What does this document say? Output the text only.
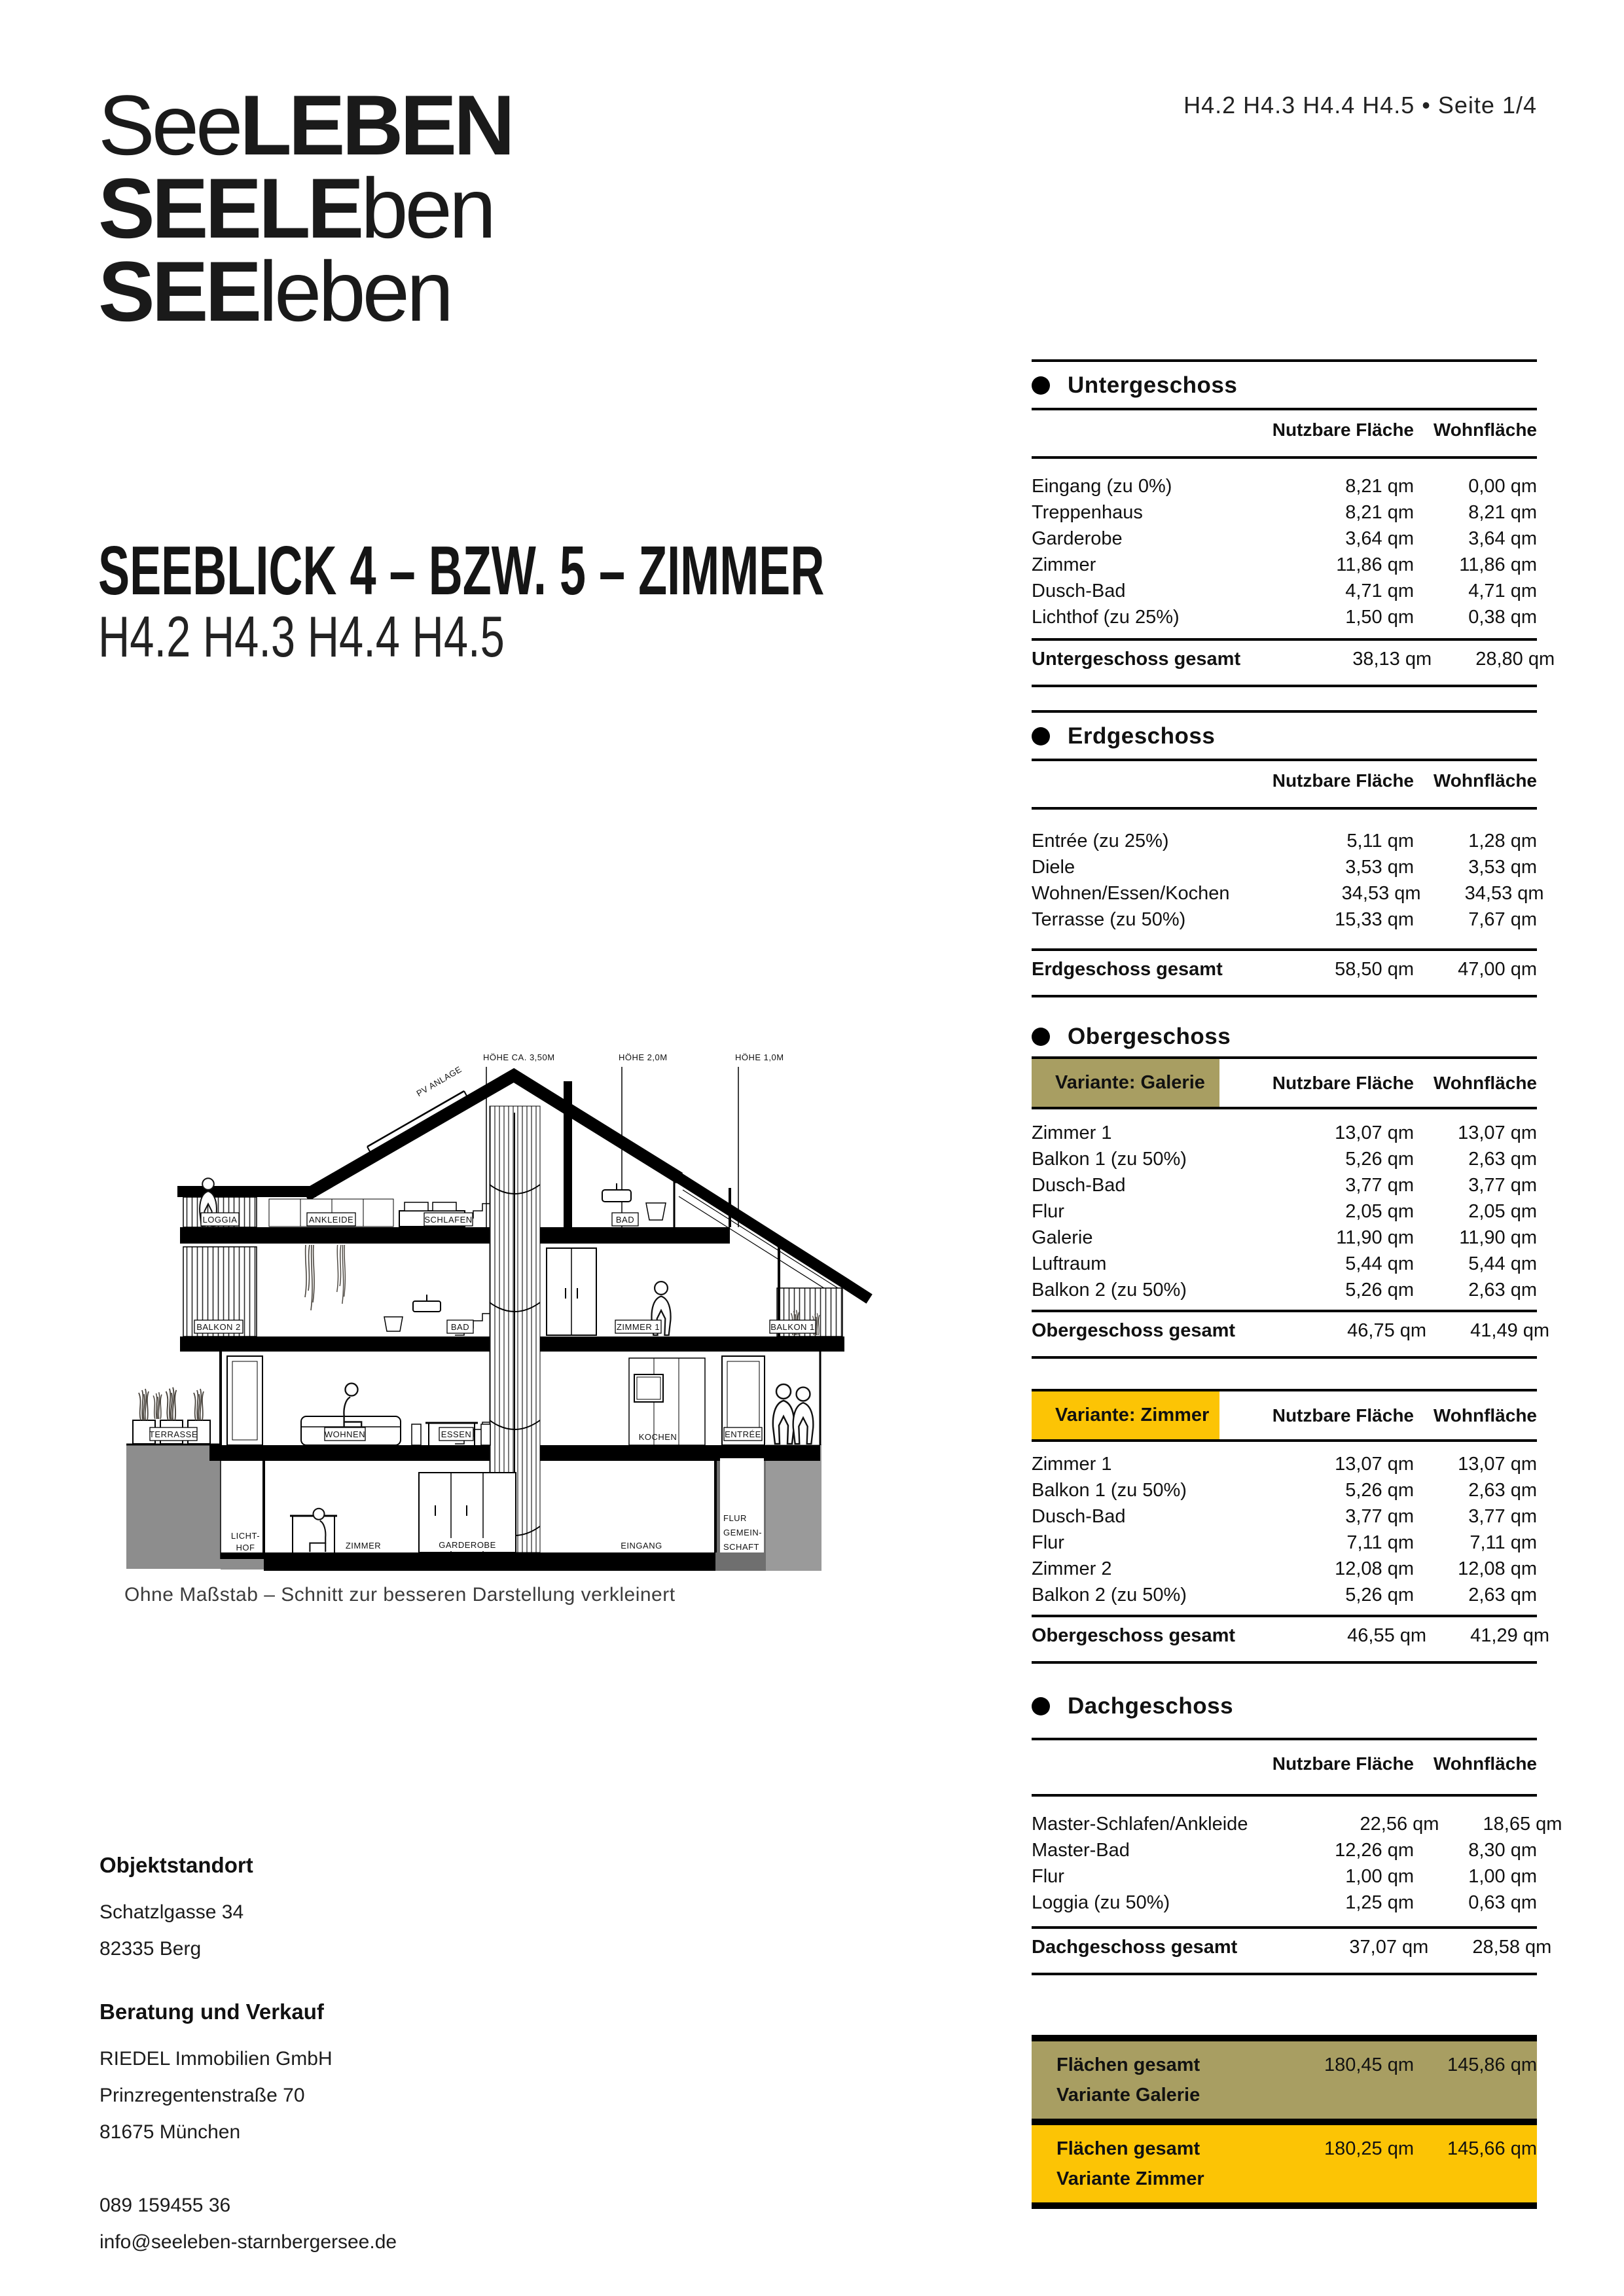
SeeLEBEN
SEELEben
SEEleben
H4.2 H4.3 H4.4 H4.5 • Seite 1/4
SEEBLICK 4 – BZW. 5 – ZIMMER
H4.2 H4.3 H4.4 H4.5
PV ANLAGE
HÖHE CA. 3,50M	HÖHE 2,0M	HÖHE 1,0M
LOGGIA	ANKLEIDE	SCHLAFEN	BAD
BALKON 2	BAD	ZIMMER 1	BALKON 1
TERRASSE	WOHNEN	ESSEN	KOCHEN	ENTRÉE
LICHT-
HOF	ZIMMER	GARDEROBE	EINGANG
FLUR
GEMEIN-
SCHAFT
Ohne Maßstab – Schnitt zur besseren Darstellung verkleinert
Untergeschoss
Nutzbare Fläche	Wohnfläche
Eingang (zu 0%)	8,21 qm	0,00 qm
Treppenhaus	8,21 qm	8,21 qm
Garderobe	3,64 qm	3,64 qm
Zimmer	11,86 qm	11,86 qm
Dusch-Bad	4,71 qm	4,71 qm
Lichthof (zu 25%)	1,50 qm	0,38 qm
Untergeschoss gesamt	38,13 qm	28,80 qm
Erdgeschoss
Nutzbare Fläche	Wohnfläche
Entrée (zu 25%)	5,11 qm	1,28 qm
Diele	3,53 qm	3,53 qm
Wohnen/Essen/Kochen	34,53 qm	34,53 qm
Terrasse (zu 50%)	15,33 qm	7,67 qm
Erdgeschoss gesamt	58,50 qm	47,00 qm
Obergeschoss
Variante: Galerie	Nutzbare Fläche	Wohnfläche
Zimmer 1	13,07 qm	13,07 qm
Balkon 1 (zu 50%)	5,26 qm	2,63 qm
Dusch-Bad	3,77 qm	3,77 qm
Flur	2,05 qm	2,05 qm
Galerie	11,90 qm	11,90 qm
Luftraum	5,44 qm	5,44 qm
Balkon 2 (zu 50%)	5,26 qm	2,63 qm
Obergeschoss gesamt	46,75 qm	41,49 qm
Variante: Zimmer	Nutzbare Fläche	Wohnfläche
Zimmer 1	13,07 qm	13,07 qm
Balkon 1 (zu 50%)	5,26 qm	2,63 qm
Dusch-Bad	3,77 qm	3,77 qm
Flur	7,11 qm	7,11 qm
Zimmer 2	12,08 qm	12,08 qm
Balkon 2 (zu 50%)	5,26 qm	2,63 qm
Obergeschoss gesamt	46,55 qm	41,29 qm
Dachgeschoss
Nutzbare Fläche	Wohnfläche
Master-Schlafen/Ankleide	22,56 qm	18,65 qm
Master-Bad	12,26 qm	8,30 qm
Flur	1,00 qm	1,00 qm
Loggia (zu 50%)	1,25 qm	0,63 qm
Dachgeschoss gesamt	37,07 qm	28,58 qm
Flächen gesamt	180,45 qm	145,86 qm
Variante Galerie
Flächen gesamt	180,25 qm	145,66 qm
Variante Zimmer
Objektstandort
Schatzlgasse 34
82335 Berg
Beratung und Verkauf
RIEDEL Immobilien GmbH
Prinzregentenstraße 70
81675 München
089 159455 36
info@seeleben-starnbergersee.de
